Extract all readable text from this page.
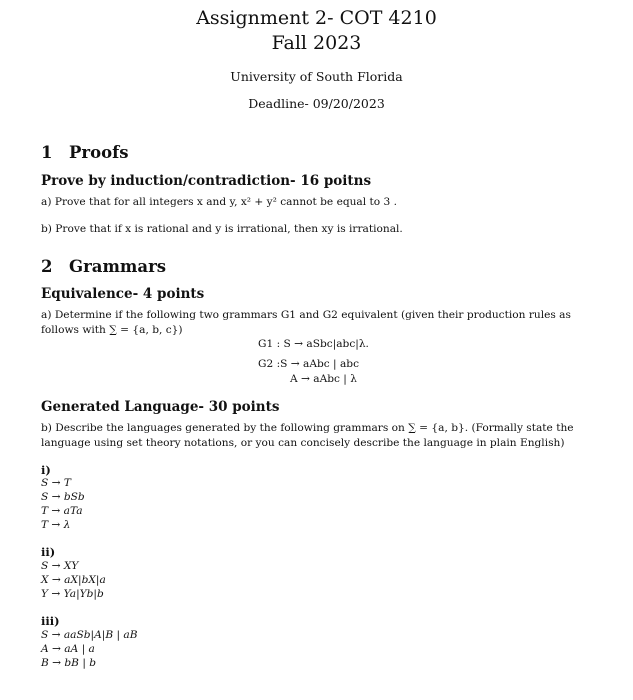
Assignment 2- COT 4210
Fall 2023
University of South Florida
Deadline- 09/20/2023
1 Proofs
Prove by induction/contradiction- 16 poitns
a) Prove that for all integers x and y, x² + y² cannot be equal to 3 .
b) Prove that if x is rational and y is irrational, then xy is irrational.
2 Grammars
Equivalence- 4 points
a) Determine if the following two grammars G1 and G2 equivalent (given their production rules as follows with ∑ = {a, b, c})
G1 : S → aSbc|abc|λ.
G2 :S → aAbc | abc
A → aAbc | λ
Generated Language- 30 points
b) Describe the languages generated by the following grammars on ∑ = {a, b}. (Formally state the language using set theory notations, or you can concisely describe the language in plain English)
i)
S → T
S → bSb
T → aTa
T → λ
ii)
S → XY
X → aX|bX|a
Y → Ya|Yb|b
iii)
S → aaSb|A|B | aB
A → aA | a
B → bB | b
